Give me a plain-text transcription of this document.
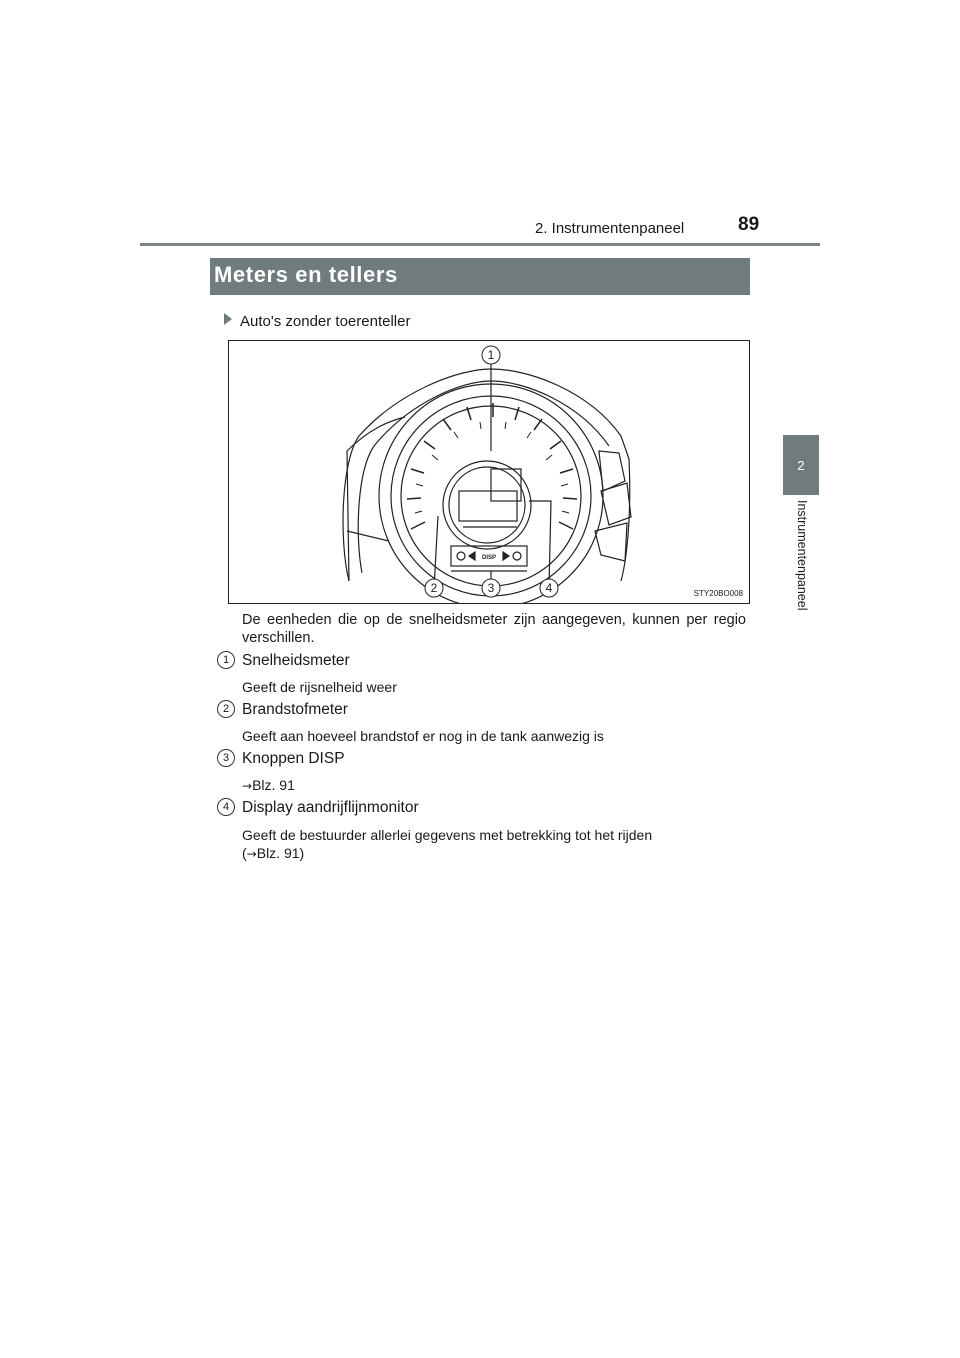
89
2. Instrumentenpaneel
2
Instrumentenpaneel
Meters en tellers
Auto's zonder toerenteller
1
2	3	4
DISP
STY20BO008
De eenheden die op de snelheidsmeter zijn aangegeven, kunnen per regio verschillen.
1 Snelheidsmeter
Geeft de rijsnelheid weer
2 Brandstofmeter
Geeft aan hoeveel brandstof er nog in de tank aanwezig is
3 Knoppen DISP
→Blz. 91
4 Display aandrijflijnmonitor
Geeft de bestuurder allerlei gegevens met betrekking tot het rijden
(→Blz. 91)
